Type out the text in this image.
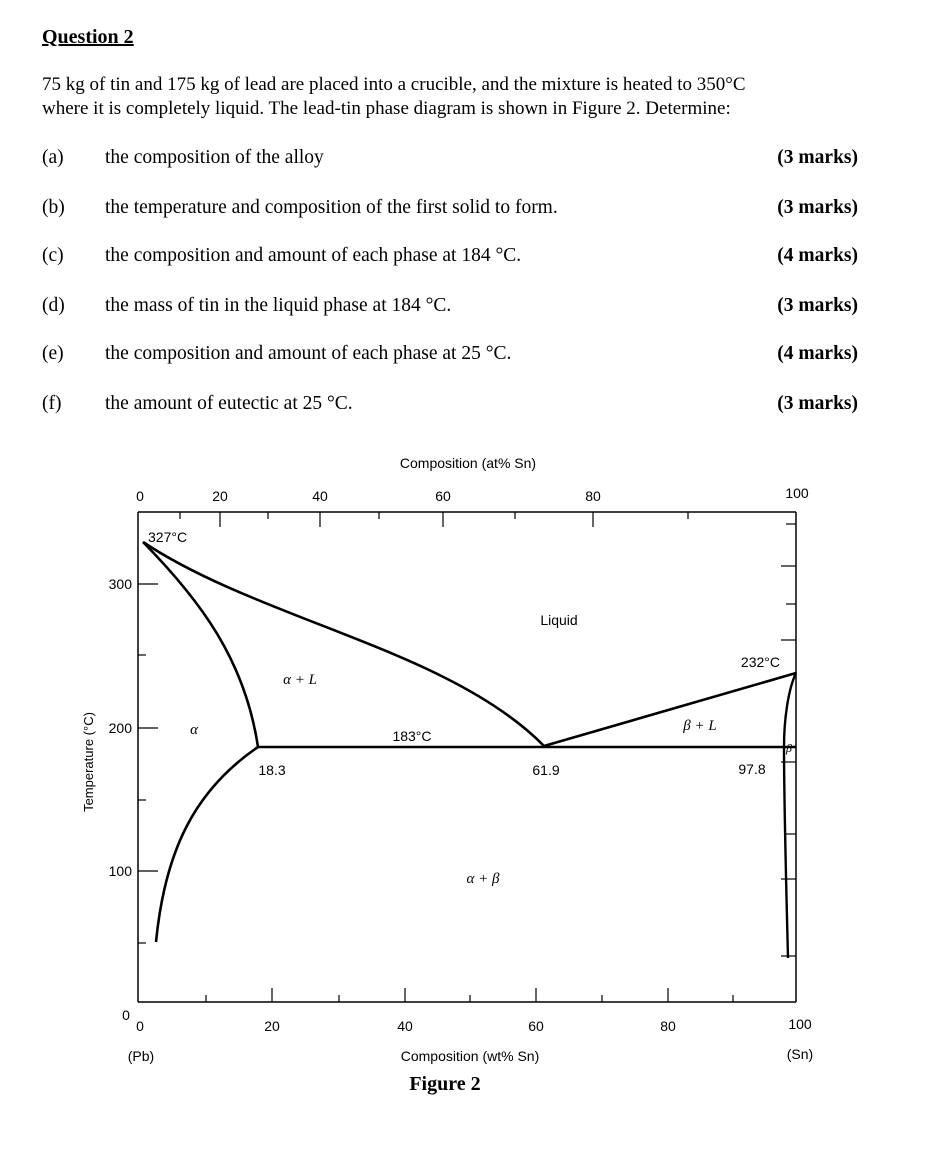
Question 2
75 kg of tin and 175 kg of lead are placed into a crucible, and the mixture is heated to 350°C
where it is completely liquid. The lead-tin phase diagram is shown in Figure 2. Determine:
(a) the composition of the alloy	(3 marks)
(b) the temperature and composition of the first solid to form.	(3 marks)
(c) the composition and amount of each phase at 184 °C.	(4 marks)
(d) the mass of tin in the liquid phase at 184 °C.	(3 marks)
(e) the composition and amount of each phase at 25 °C.	(4 marks)
(f) the amount of eutectic at 25 °C.	(3 marks)
Composition (at% Sn)
0	20	40	60	80	100
300
200
100
0
Temperature (°C)
0	20	40	60	80	100
Composition (wt% Sn)
(Pb)	(Sn)
327°C
232°C
183°C
18.3	61.9	97.8
Liquid
α + L
α	β + L
β
α + β
Figure 2
